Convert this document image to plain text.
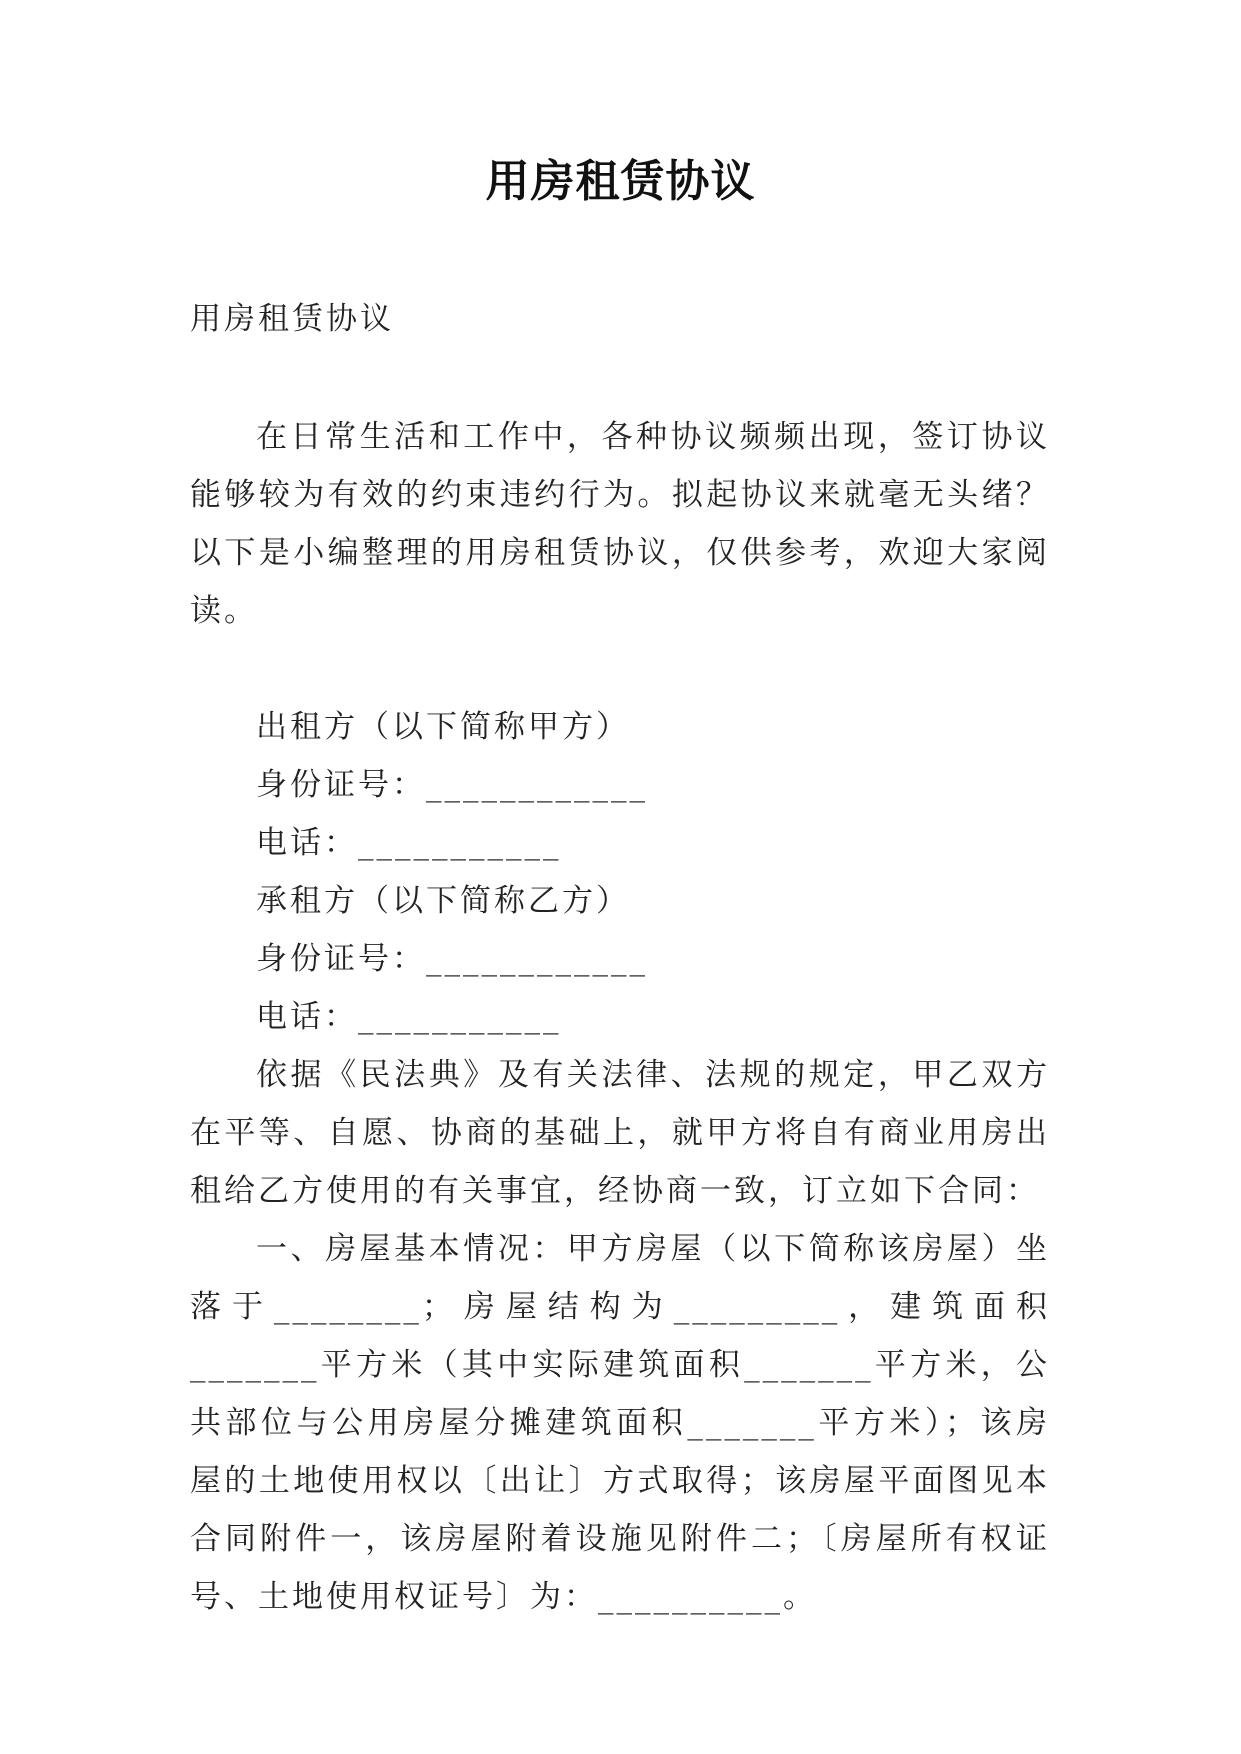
用房租赁协议

用房租赁协议

在日常生活和工作中，各种协议频频出现，签订协议能够较为有效的约束违约行为。拟起协议来就毫无头绪？以下是小编整理的用房租赁协议，仅供参考，欢迎大家阅读。

出租方（以下简称甲方）

身份证号：____________

电话：___________

承租方（以下简称乙方）

身份证号：____________

电话：___________

依据《民法典》及有关法律、法规的规定，甲乙双方在平等、自愿、协商的基础上，就甲方将自有商业用房出租给乙方使用的有关事宜，经协商一致，订立如下合同：

一、房屋基本情况：甲方房屋（以下简称该房屋）坐落于________；房屋结构为_________，建筑面积_______平方米（其中实际建筑面积_______平方米，公共部位与公用房屋分摊建筑面积_______平方米）；该房屋的土地使用权以〔出让〕方式取得；该房屋平面图见本合同附件一，该房屋附着设施见附件二；〔房屋所有权证号、土地使用权证号〕为：__________。
